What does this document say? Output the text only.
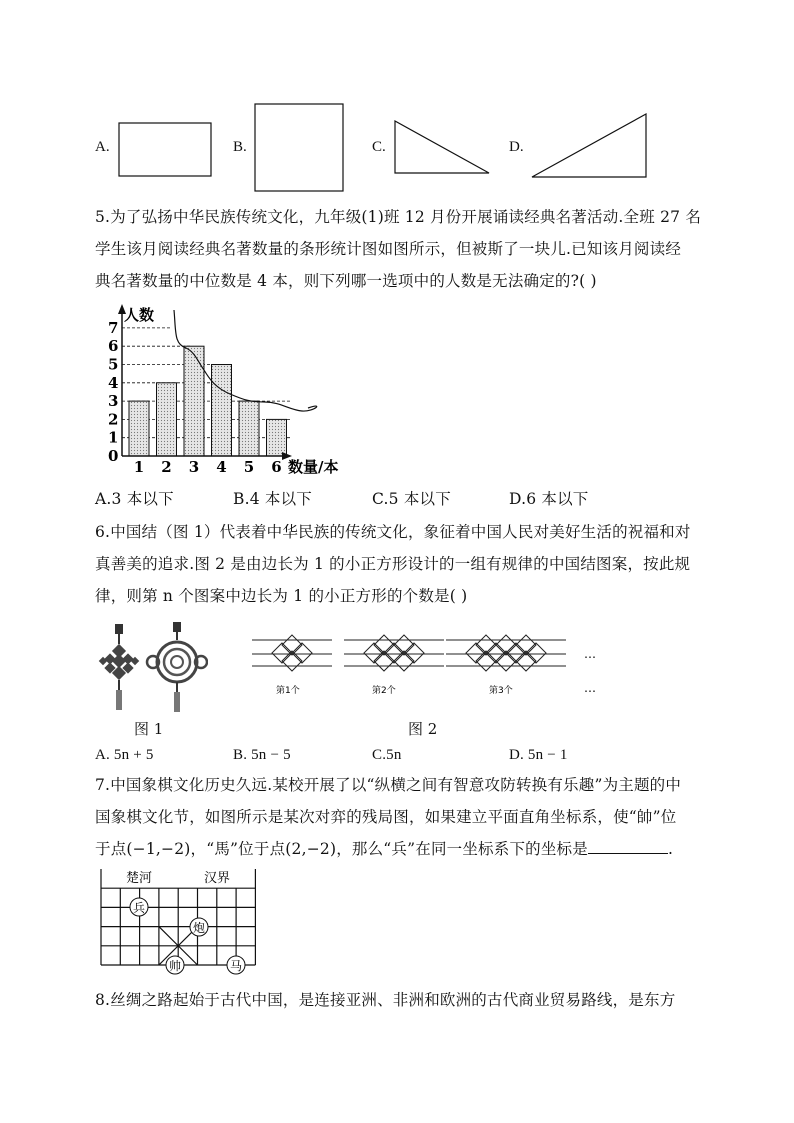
A.	B.	C.	D.
5.为了弘扬中华民族传统文化，九年级(1)班 12 月份开展诵读经典名著活动.全班 27 名
学生该月阅读经典名著数量的条形统计图如图所示，但被斯了一块儿.已知该月阅读经
典名著数量的中位数是 4 本，则下列哪一选项中的人数是无法确定的?( )
0
1
2
3
4
5
6
7
1 2 3 4 5 6
人数
数量/本
A.3 本以下	B.4 本以下	C.5 本以下	D.6 本以下
6.中国结（图 1）代表着中华民族的传统文化，象征着中国人民对美好生活的祝福和对
真善美的追求.图 2 是由边长为 1 的小正方形设计的一组有规律的中国结图案，按此规
律，则第 n 个图案中边长为 1 的小正方形的个数是( )
第1个	第2个	第3个
…
…
图 1	图 2
A. 5n + 5	B. 5n − 5	C.5n	D. 5n − 1
7.中国象棋文化历史久远.某校开展了以“纵横之间有智意攻防转换有乐趣”为主题的中
国象棋文化节，如图所示是某次对弈的残局图，如果建立平面直角坐标系，使“帥”位
于点(−1,−2)，“馬”位于点(2,−2)，那么“兵”在同一坐标系下的坐标是	.
楚河	汉界
兵
炮
帅	马
8.丝绸之路起始于古代中国，是连接亚洲、非洲和欧洲的古代商业贸易路线，是东方
